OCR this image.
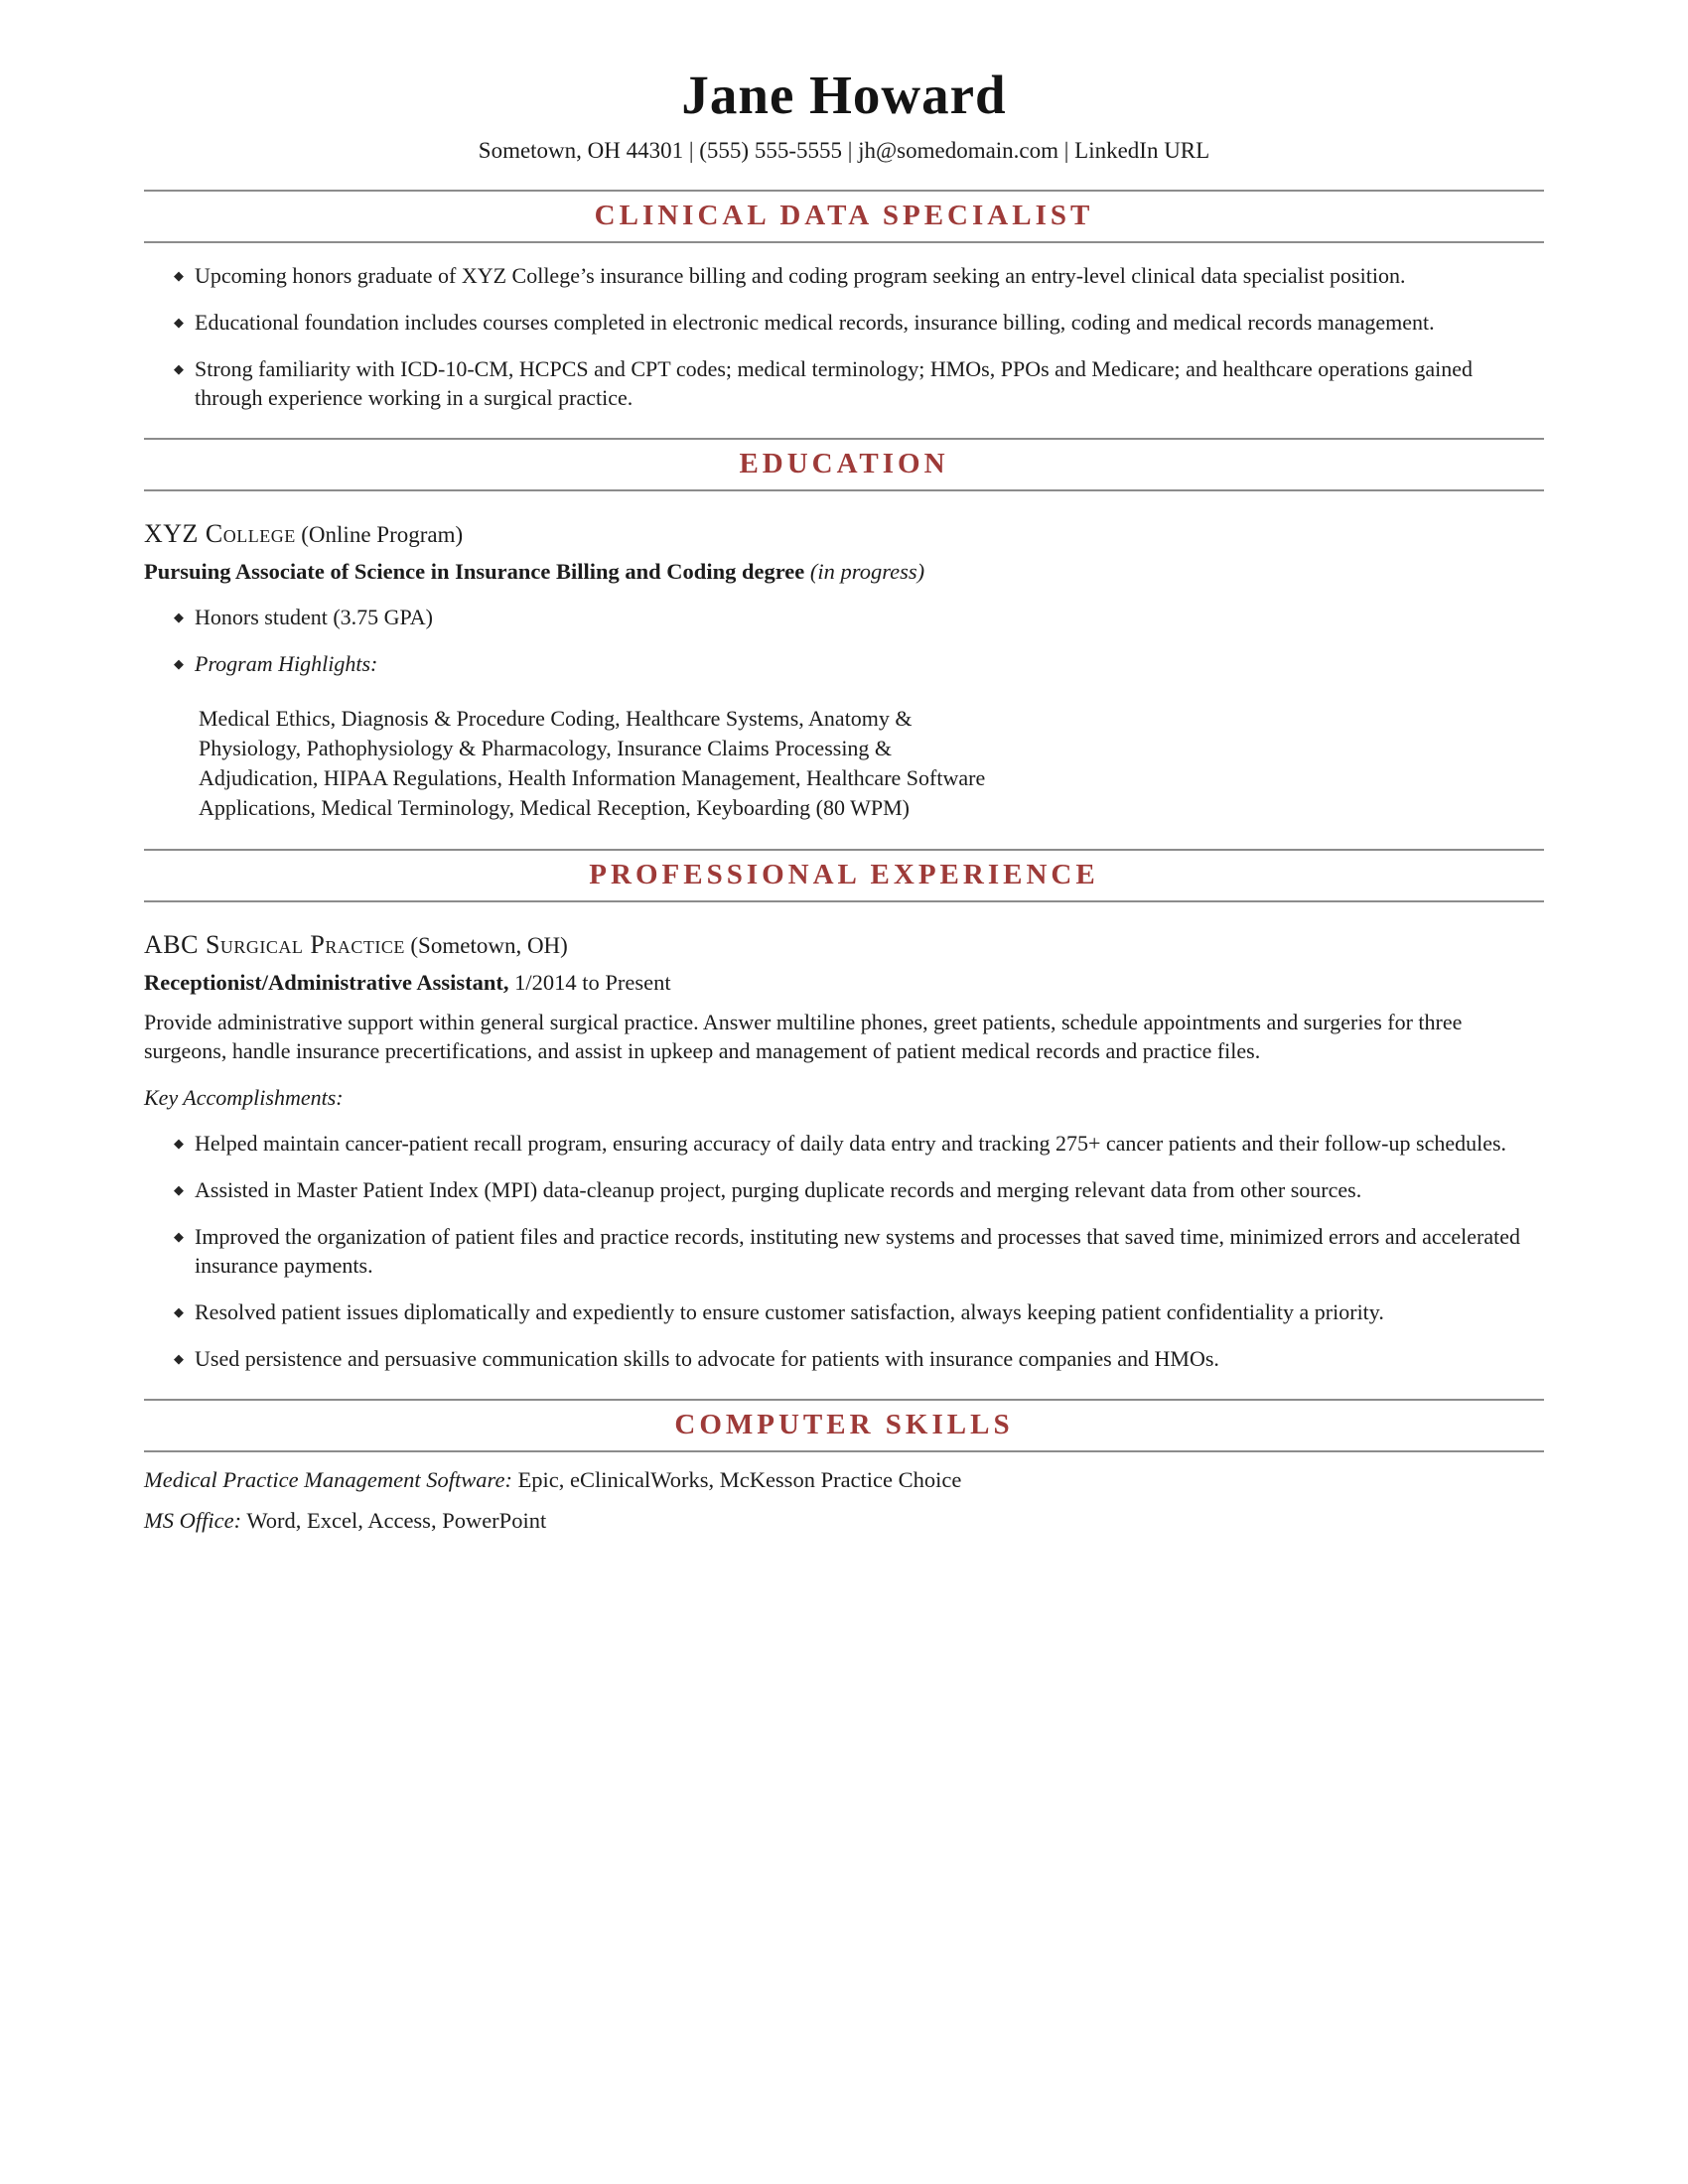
Jane Howard
Sometown, OH 44301 | (555) 555-5555 | jh@somedomain.com | LinkedIn URL
CLINICAL DATA SPECIALIST
◆ Upcoming honors graduate of XYZ College’s insurance billing and coding program seeking an entry-level clinical data specialist position.
◆ Educational foundation includes courses completed in electronic medical records, insurance billing, coding and medical records management.
◆ Strong familiarity with ICD-10-CM, HCPCS and CPT codes; medical terminology; HMOs, PPOs and Medicare; and healthcare operations gained through experience working in a surgical practice.
EDUCATION
XYZ College (Online Program)
Pursuing Associate of Science in Insurance Billing and Coding degree (in progress)
◆ Honors student (3.75 GPA)
◆ Program Highlights:

Medical Ethics, Diagnosis & Procedure Coding, Healthcare Systems, Anatomy & Physiology, Pathophysiology & Pharmacology, Insurance Claims Processing & Adjudication, HIPAA Regulations, Health Information Management, Healthcare Software Applications, Medical Terminology, Medical Reception, Keyboarding (80 WPM)

PROFESSIONAL EXPERIENCE
ABC Surgical Practice (Sometown, OH)
Receptionist/Administrative Assistant, 1/2014 to Present

Provide administrative support within general surgical practice. Answer multiline phones, greet patients, schedule appointments and surgeries for three surgeons, handle insurance precertifications, and assist in upkeep and management of patient medical records and practice files.

Key Accomplishments:
◆ Helped maintain cancer-patient recall program, ensuring accuracy of daily data entry and tracking 275+ cancer patients and their follow-up schedules.
◆ Assisted in Master Patient Index (MPI) data-cleanup project, purging duplicate records and merging relevant data from other sources.
◆ Improved the organization of patient files and practice records, instituting new systems and processes that saved time, minimized errors and accelerated insurance payments.
◆ Resolved patient issues diplomatically and expediently to ensure customer satisfaction, always keeping patient confidentiality a priority.
◆ Used persistence and persuasive communication skills to advocate for patients with insurance companies and HMOs.
COMPUTER SKILLS
Medical Practice Management Software: Epic, eClinicalWorks, McKesson Practice Choice
MS Office: Word, Excel, Access, PowerPoint
